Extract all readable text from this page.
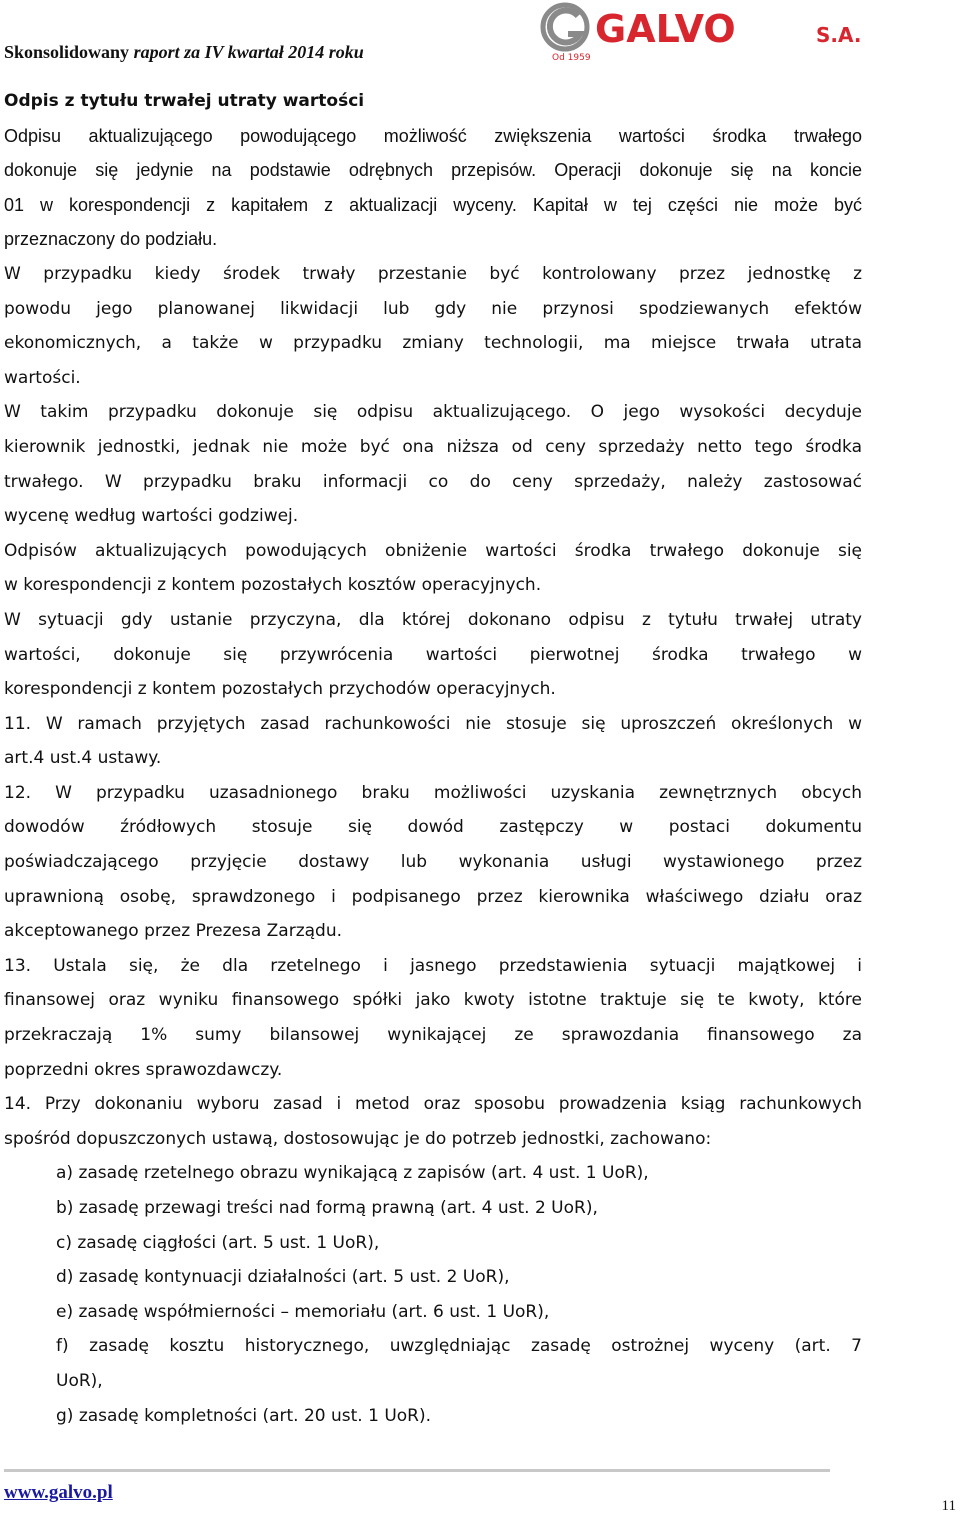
Skonsolidowany raport za IV kwartał 2014 roku
GALVO	S.A.
Od 1959

Odpis z tytułu trwałej utraty wartości

Odpisu aktualizującego powodującego możliwość zwiększenia wartości środka trwałego

dokonuje się jedynie na podstawie odrębnych przepisów. Operacji dokonuje się na koncie

01 w korespondencji z kapitałem z aktualizacji wyceny. Kapitał w tej części nie może być

przeznaczony do podziału.

W przypadku kiedy środek trwały przestanie być kontrolowany przez jednostkę z

powodu jego planowanej likwidacji lub gdy nie przynosi spodziewanych efektów

ekonomicznych, a także w przypadku zmiany technologii, ma miejsce trwała utrata

wartości.

W takim przypadku dokonuje się odpisu aktualizującego. O jego wysokości decyduje

kierownik jednostki, jednak nie może być ona niższa od ceny sprzedaży netto tego środka

trwałego. W przypadku braku informacji co do ceny sprzedaży, należy zastosować

wycenę według wartości godziwej.

Odpisów aktualizujących powodujących obniżenie wartości środka trwałego dokonuje się

w korespondencji z kontem pozostałych kosztów operacyjnych.

W sytuacji gdy ustanie przyczyna, dla której dokonano odpisu z tytułu trwałej utraty

wartości, dokonuje się przywrócenia wartości pierwotnej środka trwałego w

korespondencji z kontem pozostałych przychodów operacyjnych.

11. W ramach przyjętych zasad rachunkowości nie stosuje się uproszczeń określonych w

art.4 ust.4 ustawy.

12. W przypadku uzasadnionego braku możliwości uzyskania zewnętrznych obcych

dowodów źródłowych stosuje się dowód zastępczy w postaci dokumentu

poświadczającego przyjęcie dostawy lub wykonania usługi wystawionego przez

uprawnioną osobę, sprawdzonego i podpisanego przez kierownika właściwego działu oraz

akceptowanego przez Prezesa Zarządu.

13. Ustala się, że dla rzetelnego i jasnego przedstawienia sytuacji majątkowej i

finansowej oraz wyniku finansowego spółki jako kwoty istotne traktuje się te kwoty, które

przekraczają 1% sumy bilansowej wynikającej ze sprawozdania finansowego za

poprzedni okres sprawozdawczy.

14. Przy dokonaniu wyboru zasad i metod oraz sposobu prowadzenia ksiąg rachunkowych

spośród dopuszczonych ustawą, dostosowując je do potrzeb jednostki, zachowano:

a) zasadę rzetelnego obrazu wynikającą z zapisów (art. 4 ust. 1 UoR),

b) zasadę przewagi treści nad formą prawną (art. 4 ust. 2 UoR),

c) zasadę ciągłości (art. 5 ust. 1 UoR),

d) zasadę kontynuacji działalności (art. 5 ust. 2 UoR),

e) zasadę współmierności – memoriału (art. 6 ust. 1 UoR),

f) zasadę kosztu historycznego, uwzględniając zasadę ostrożnej wyceny (art. 7

UoR),

g) zasadę kompletności (art. 20 ust. 1 UoR).

www.galvo.pl
11
